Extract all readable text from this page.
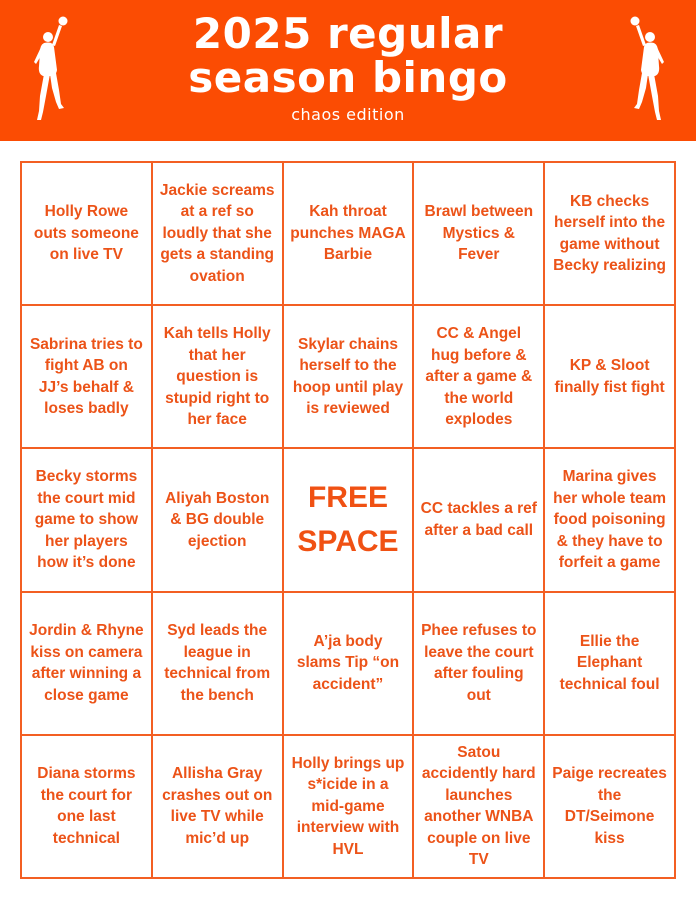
2025 regular
season bingo
chaos edition
Holly Rowe outs someone on live TV
Jackie screams at a ref so loudly that she gets a standing ovation
Kah throat punches MAGA Barbie
Brawl between Mystics & Fever
KB checks herself into the game without Becky realizing
Sabrina tries to fight AB on JJ’s behalf & loses badly
Kah tells Holly that her question is stupid right to her face
Skylar chains herself to the hoop until play is reviewed
CC & Angel hug before & after a game & the world explodes
KP & Sloot finally fist fight
Becky storms the court mid game to show her players how it’s done
Aliyah Boston & BG double ejection
FREE SPACE
CC tackles a ref after a bad call
Marina gives her whole team food poisoning & they have to forfeit a game
Jordin & Rhyne kiss on camera after winning a close game
Syd leads the league in technical from the bench
A’ja body slams Tip “on accident”
Phee refuses to leave the court after fouling out
Ellie the Elephant technical foul
Diana storms the court for one last technical
Allisha Gray crashes out on live TV while mic’d up
Holly brings up s*icide in a mid-game interview with HVL
Satou accidently hard launches another WNBA couple on live TV
Paige recreates the DT/Seimone kiss
